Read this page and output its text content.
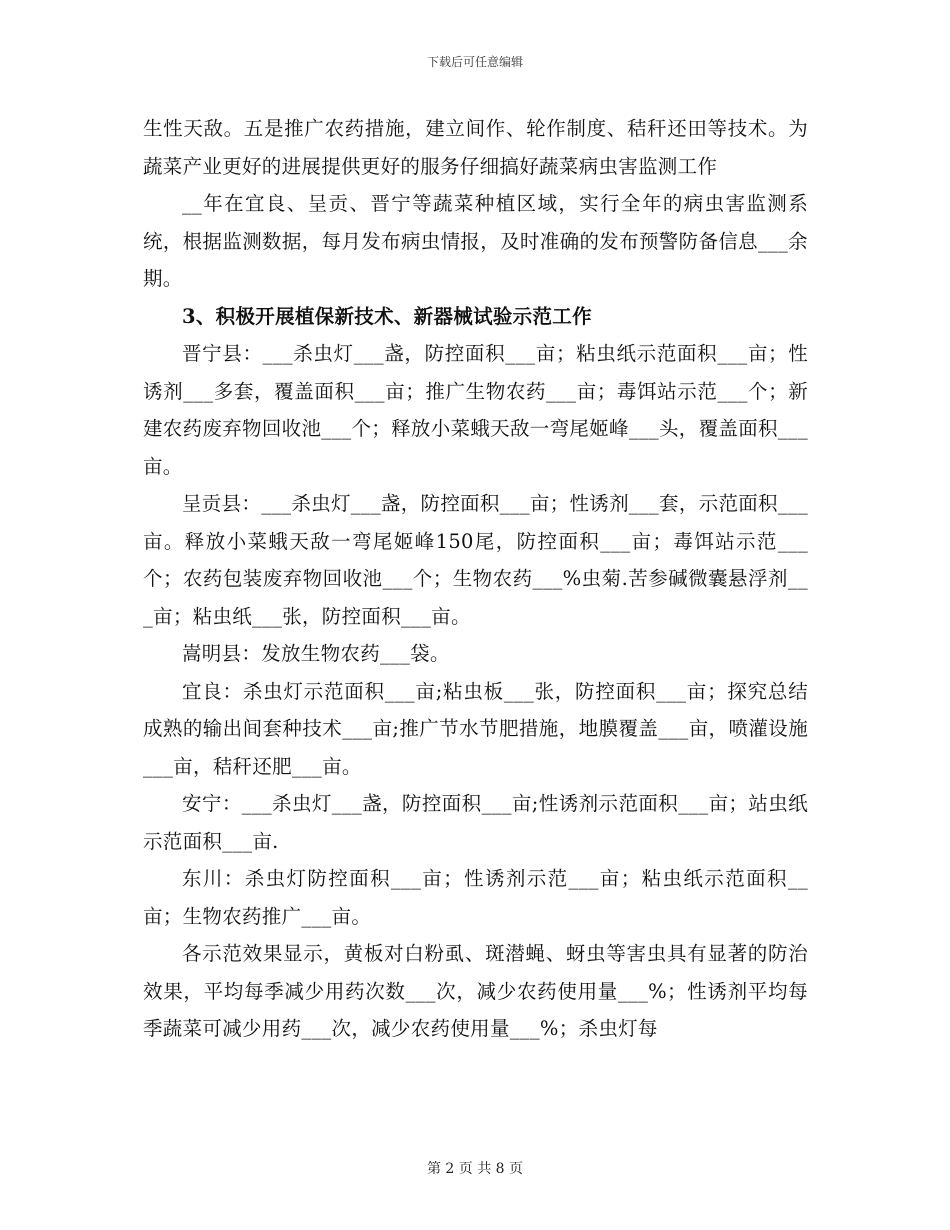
下载后可任意编辑

生性天敌。五是推广农药措施，建立间作、轮作制度、秸秆还田等技术。为蔬菜产业更好的进展提供更好的服务仔细搞好蔬菜病虫害监测工作

__年在宜良、呈贡、晋宁等蔬菜种植区域，实行全年的病虫害监测系统，根据监测数据，每月发布病虫情报，及时准确的发布预警防备信息___余期。

3、积极开展植保新技术、新器械试验示范工作

晋宁县：___杀虫灯___盏，防控面积___亩；粘虫纸示范面积___亩；性诱剂___多套，覆盖面积___亩；推广生物农药___亩；毒饵站示范___个；新建农药废弃物回收池___个；释放小菜蛾天敌一弯尾姬峰___头，覆盖面积___亩。

呈贡县：___杀虫灯___盏，防控面积___亩；性诱剂___套，示范面积___亩。释放小菜蛾天敌一弯尾姬峰150尾，防控面积___亩；毒饵站示范___个；农药包装废弃物回收池___个；生物农药___%虫菊.苦参碱微囊悬浮剂___亩；粘虫纸___张，防控面积___亩。

嵩明县：发放生物农药___袋。

宜良：杀虫灯示范面积___亩;粘虫板___张，防控面积___亩；探究总结成熟的输出间套种技术___亩;推广节水节肥措施，地膜覆盖___亩，喷灌设施___亩，秸秆还肥___亩。

安宁：___杀虫灯___盏，防控面积___亩;性诱剂示范面积___亩；站虫纸示范面积___亩.

东川：杀虫灯防控面积___亩；性诱剂示范___亩；粘虫纸示范面积__亩；生物农药推广___亩。

各示范效果显示，黄板对白粉虱、斑潜蝇、蚜虫等害虫具有显著的防治效果，平均每季减少用药次数___次，减少农药使用量___%；性诱剂平均每季蔬菜可减少用药___次，减少农药使用量___%；杀虫灯每

第 2 页 共 8 页
